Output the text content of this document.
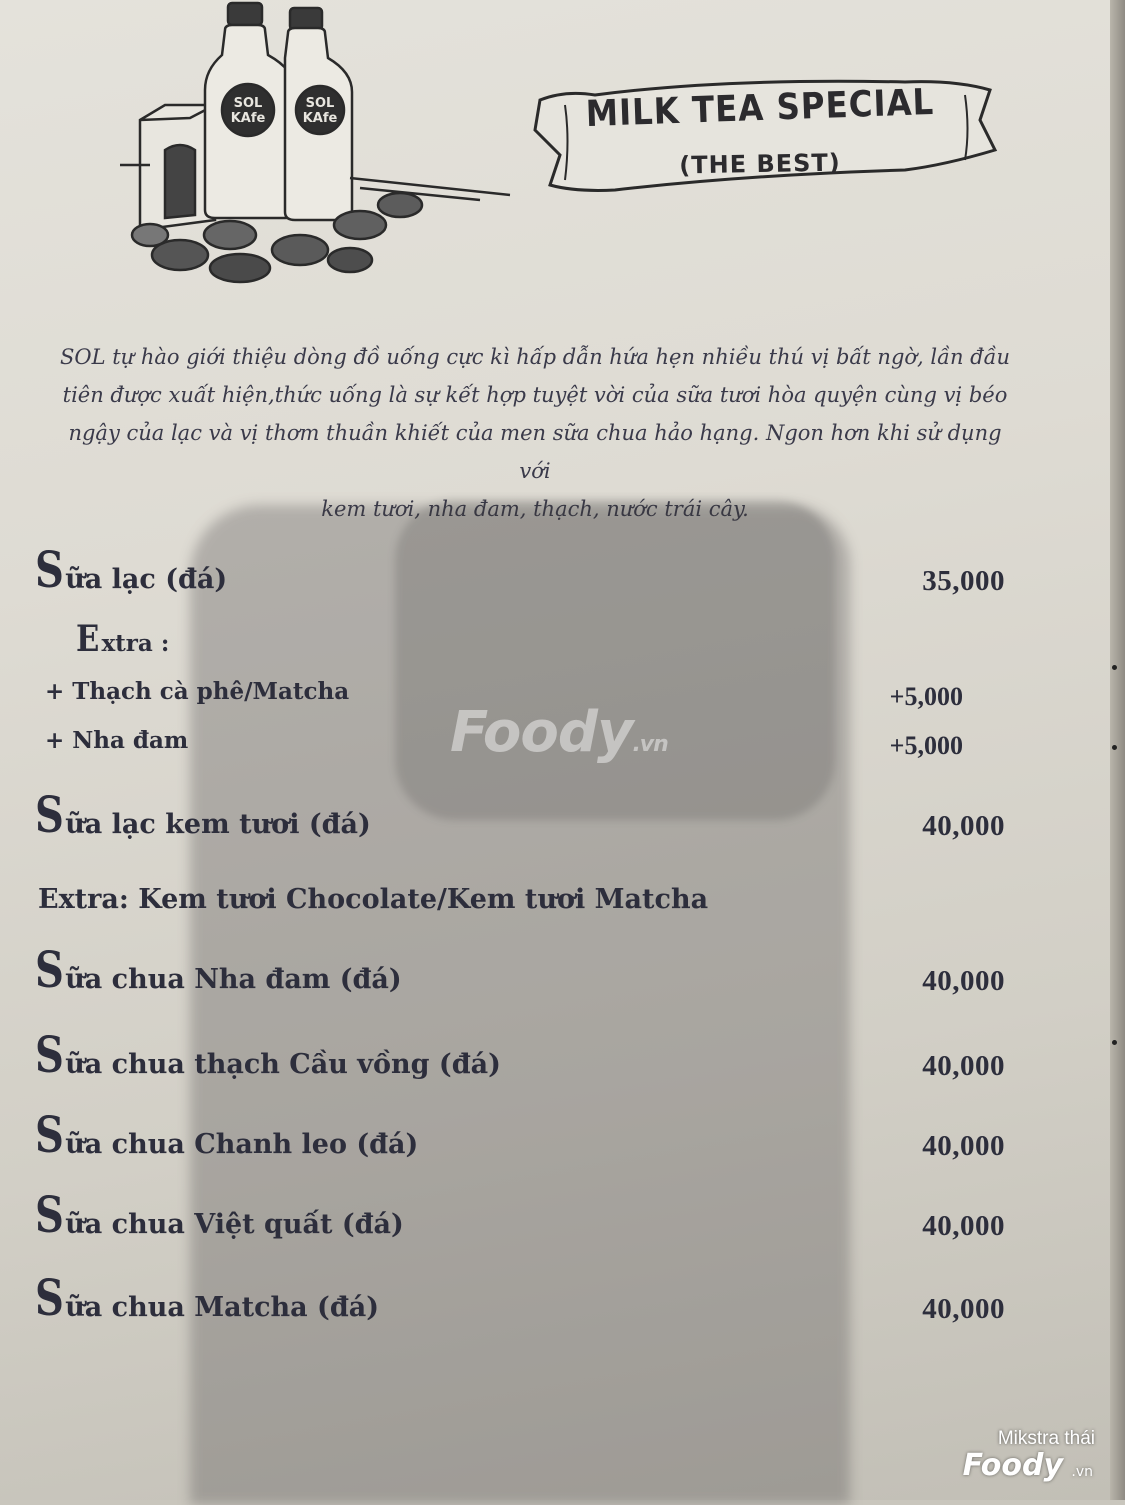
SOL
KAfe
SOL
KAfe	MILK TEA SPECIAL
(THE BEST)
SOL tự hào giới thiệu dòng đồ uống cực kì hấp dẫn hứa hẹn nhiều thú vị bất ngờ, lần đầu
tiên được xuất hiện,thức uống là sự kết hợp tuyệt vời của sữa tươi hòa quyện cùng vị béo
ngậy của lạc và vị thơm thuần khiết của men sữa chua hảo hạng. Ngon hơn khi sử dụng với
kem tươi, nha đam, thạch, nước trái cây.
Sữa lạc (đá)	35,000
Extra :
+ Thạch cà phê/Matcha	+5,000
+ Nha đam	+5,000
Sữa lạc kem tươi (đá)	40,000
Extra: Kem tươi Chocolate/Kem tươi Matcha
Sữa chua Nha đam (đá)	40,000
Sữa chua thạch Cầu vồng (đá)	40,000
Sữa chua Chanh leo (đá)	40,000
Sữa chua Việt quất (đá)	40,000
Sữa chua Matcha (đá)	40,000
Foody.vn
Mikstra thái
Foody .vn
